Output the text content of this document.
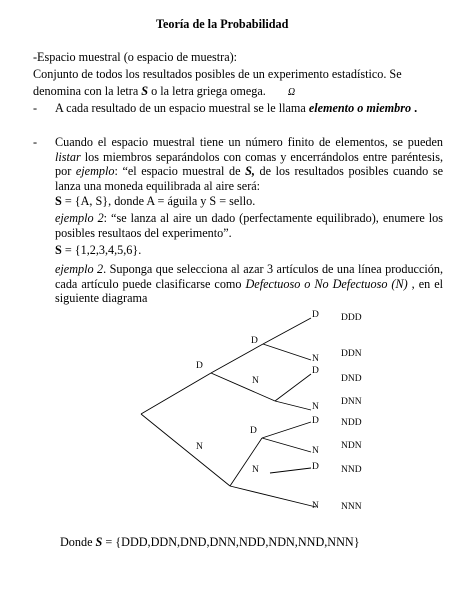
Teoría de la Probabilidad
-Espacio muestral (o espacio de muestra):
Conjunto de todos los resultados posibles de un experimento estadístico. Se
denomina con la letra S o la letra griega omega. Ω
- A cada resultado de un espacio muestral se le llama elemento o miembro .
- Cuando el espacio muestral tiene un número finito de elementos, se pueden listar los miembros separándolos con comas y encerrándolos entre paréntesis, por ejemplo: “el espacio muestral de S, de los resultados posibles cuando se lanza una moneda equilibrada al aire será:
S = {A, S}, donde A = águila y S = sello.
ejemplo 2: “se lanza al aire un dado (perfectamente equilibrado), enumere los posibles resultaos del experimento”.
S = {1,2,3,4,5,6}.
ejemplo 2. Suponga que selecciona al azar 3 artículos de una línea producción, cada artículo puede clasificarse como Defectuoso o No Defectuoso (N) , en el siguiente diagrama
D
N
D
N
D
N
D
N
D
N
D
N
D
N
DDD
DDN
DND
DNN
NDD
NDN
NND
NNN
Donde S = {DDD,DDN,DND,DNN,NDD,NDN,NND,NNN}
